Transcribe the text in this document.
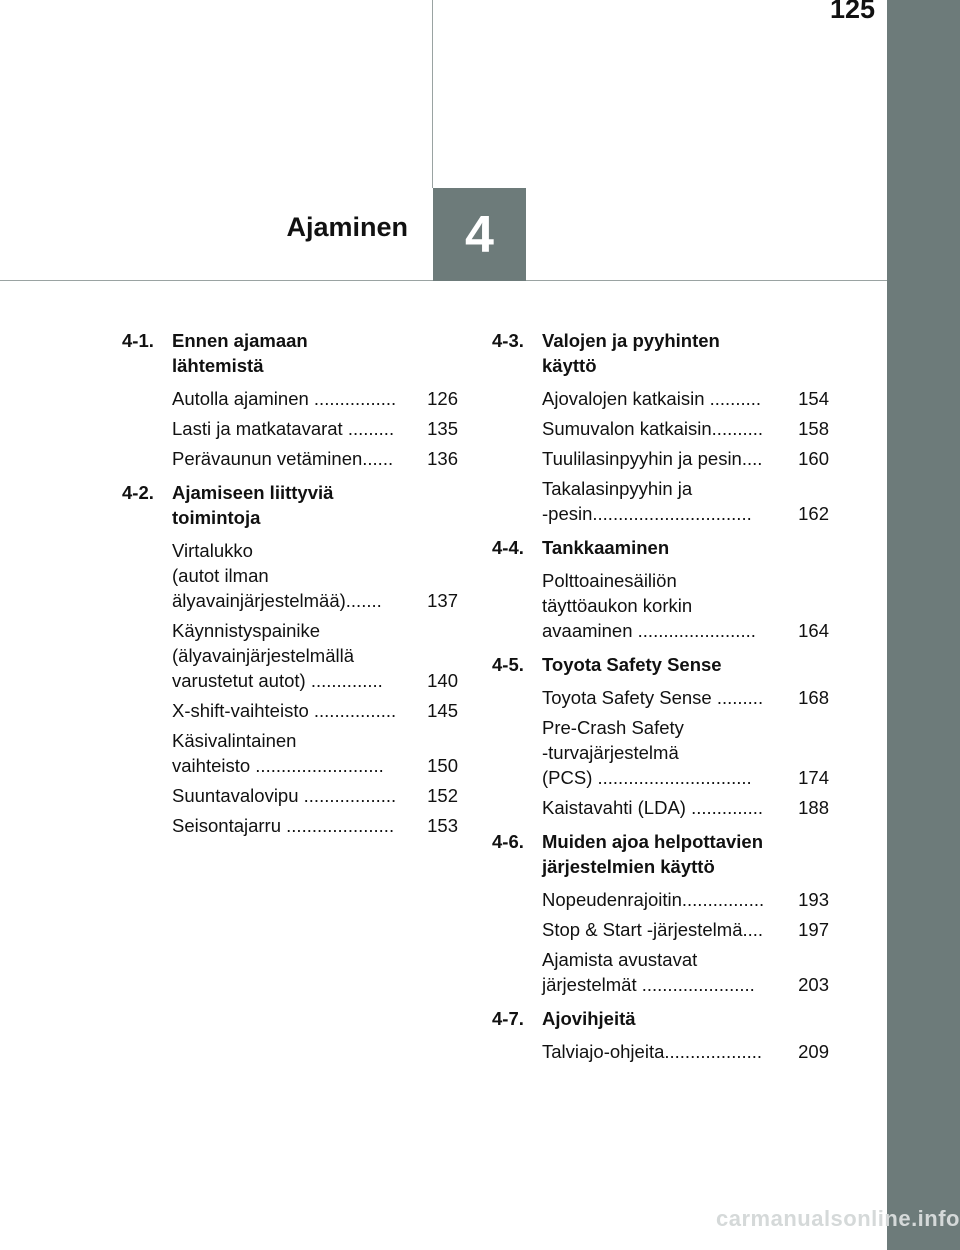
125
Ajaminen 4
4-1. Ennen ajamaan
lähtemistä
Autolla ajaminen ................	126
Lasti ja matkatavarat .........	135
Perävaunun vetäminen......	136
4-2. Ajamiseen liittyviä
toimintoja
Virtalukko
(autot ilman
älyavainjärjestelmää).......	137
Käynnistyspainike
(älyavainjärjestelmällä
varustetut autot) ..............	140
X-shift-vaihteisto ................	145
Käsivalintainen
vaihteisto .........................	150
Suuntavalovipu ..................	152
Seisontajarru .....................	153
4-3. Valojen ja pyyhinten
käyttö
Ajovalojen katkaisin ..........	154
Sumuvalon katkaisin..........	158
Tuulilasinpyyhin ja pesin....	160
Takalasinpyyhin ja
-pesin...............................	162
4-4. Tankkaaminen
Polttoainesäiliön
täyttöaukon korkin
avaaminen .......................	164
4-5. Toyota Safety Sense
Toyota Safety Sense .........	168
Pre-Crash Safety
-turvajärjestelmä
(PCS) ..............................	174
Kaistavahti (LDA) ..............	188
4-6. Muiden ajoa helpottavien
järjestelmien käyttö
Nopeudenrajoitin................	193
Stop & Start -järjestelmä....	197
Ajamista avustavat
järjestelmät ......................	203
4-7. Ajovihjeitä
Talviajo-ohjeita...................	209
carmanualsonline.info
